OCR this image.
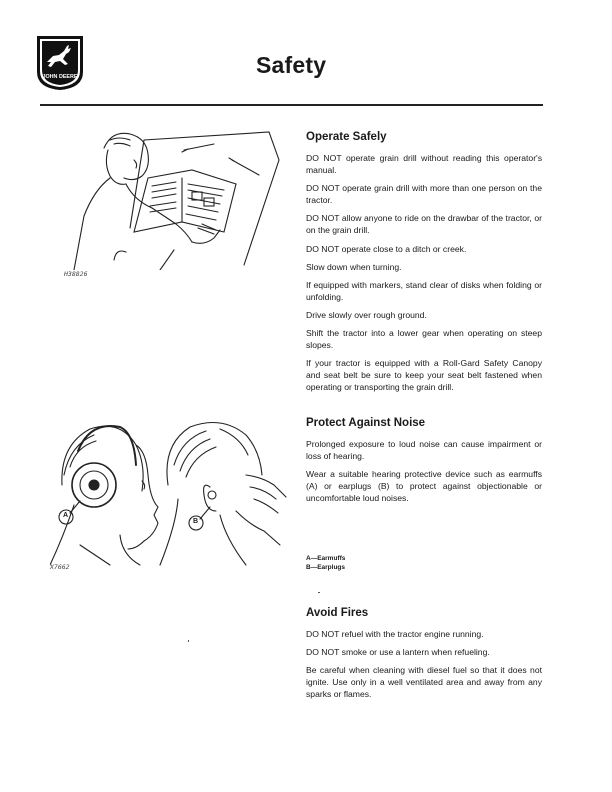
JOHN DEERE	Safety
H38826
A
B
X7662
Operate Safely

DO NOT operate grain drill without reading this operator's manual.

DO NOT operate grain drill with more than one person on the tractor.

DO NOT allow anyone to ride on the drawbar of the tractor, or on the grain drill.

DO NOT operate close to a ditch or creek.

Slow down when turning.

If equipped with markers, stand clear of disks when folding or unfolding.

Drive slowly over rough ground.

Shift the tractor into a lower gear when operating on steep slopes.

If your tractor is equipped with a Roll-Gard Safety Canopy and seat belt be sure to keep your seat belt fastened when operating or transporting the grain drill.

Protect Against Noise

Prolonged exposure to loud noise can cause impairment or loss of hearing.

Wear a suitable hearing protective device such as earmuffs (A) or earplugs (B) to protect against objectionable or uncomfortable loud noises.

A—Earmuffs
B—Earplugs
Avoid Fires

DO NOT refuel with the tractor engine running.

DO NOT smoke or use a lantern when refueling.

Be careful when cleaning with diesel fuel so that it does not ignite. Use only in a well ventilated area and away from any sparks or flames.
